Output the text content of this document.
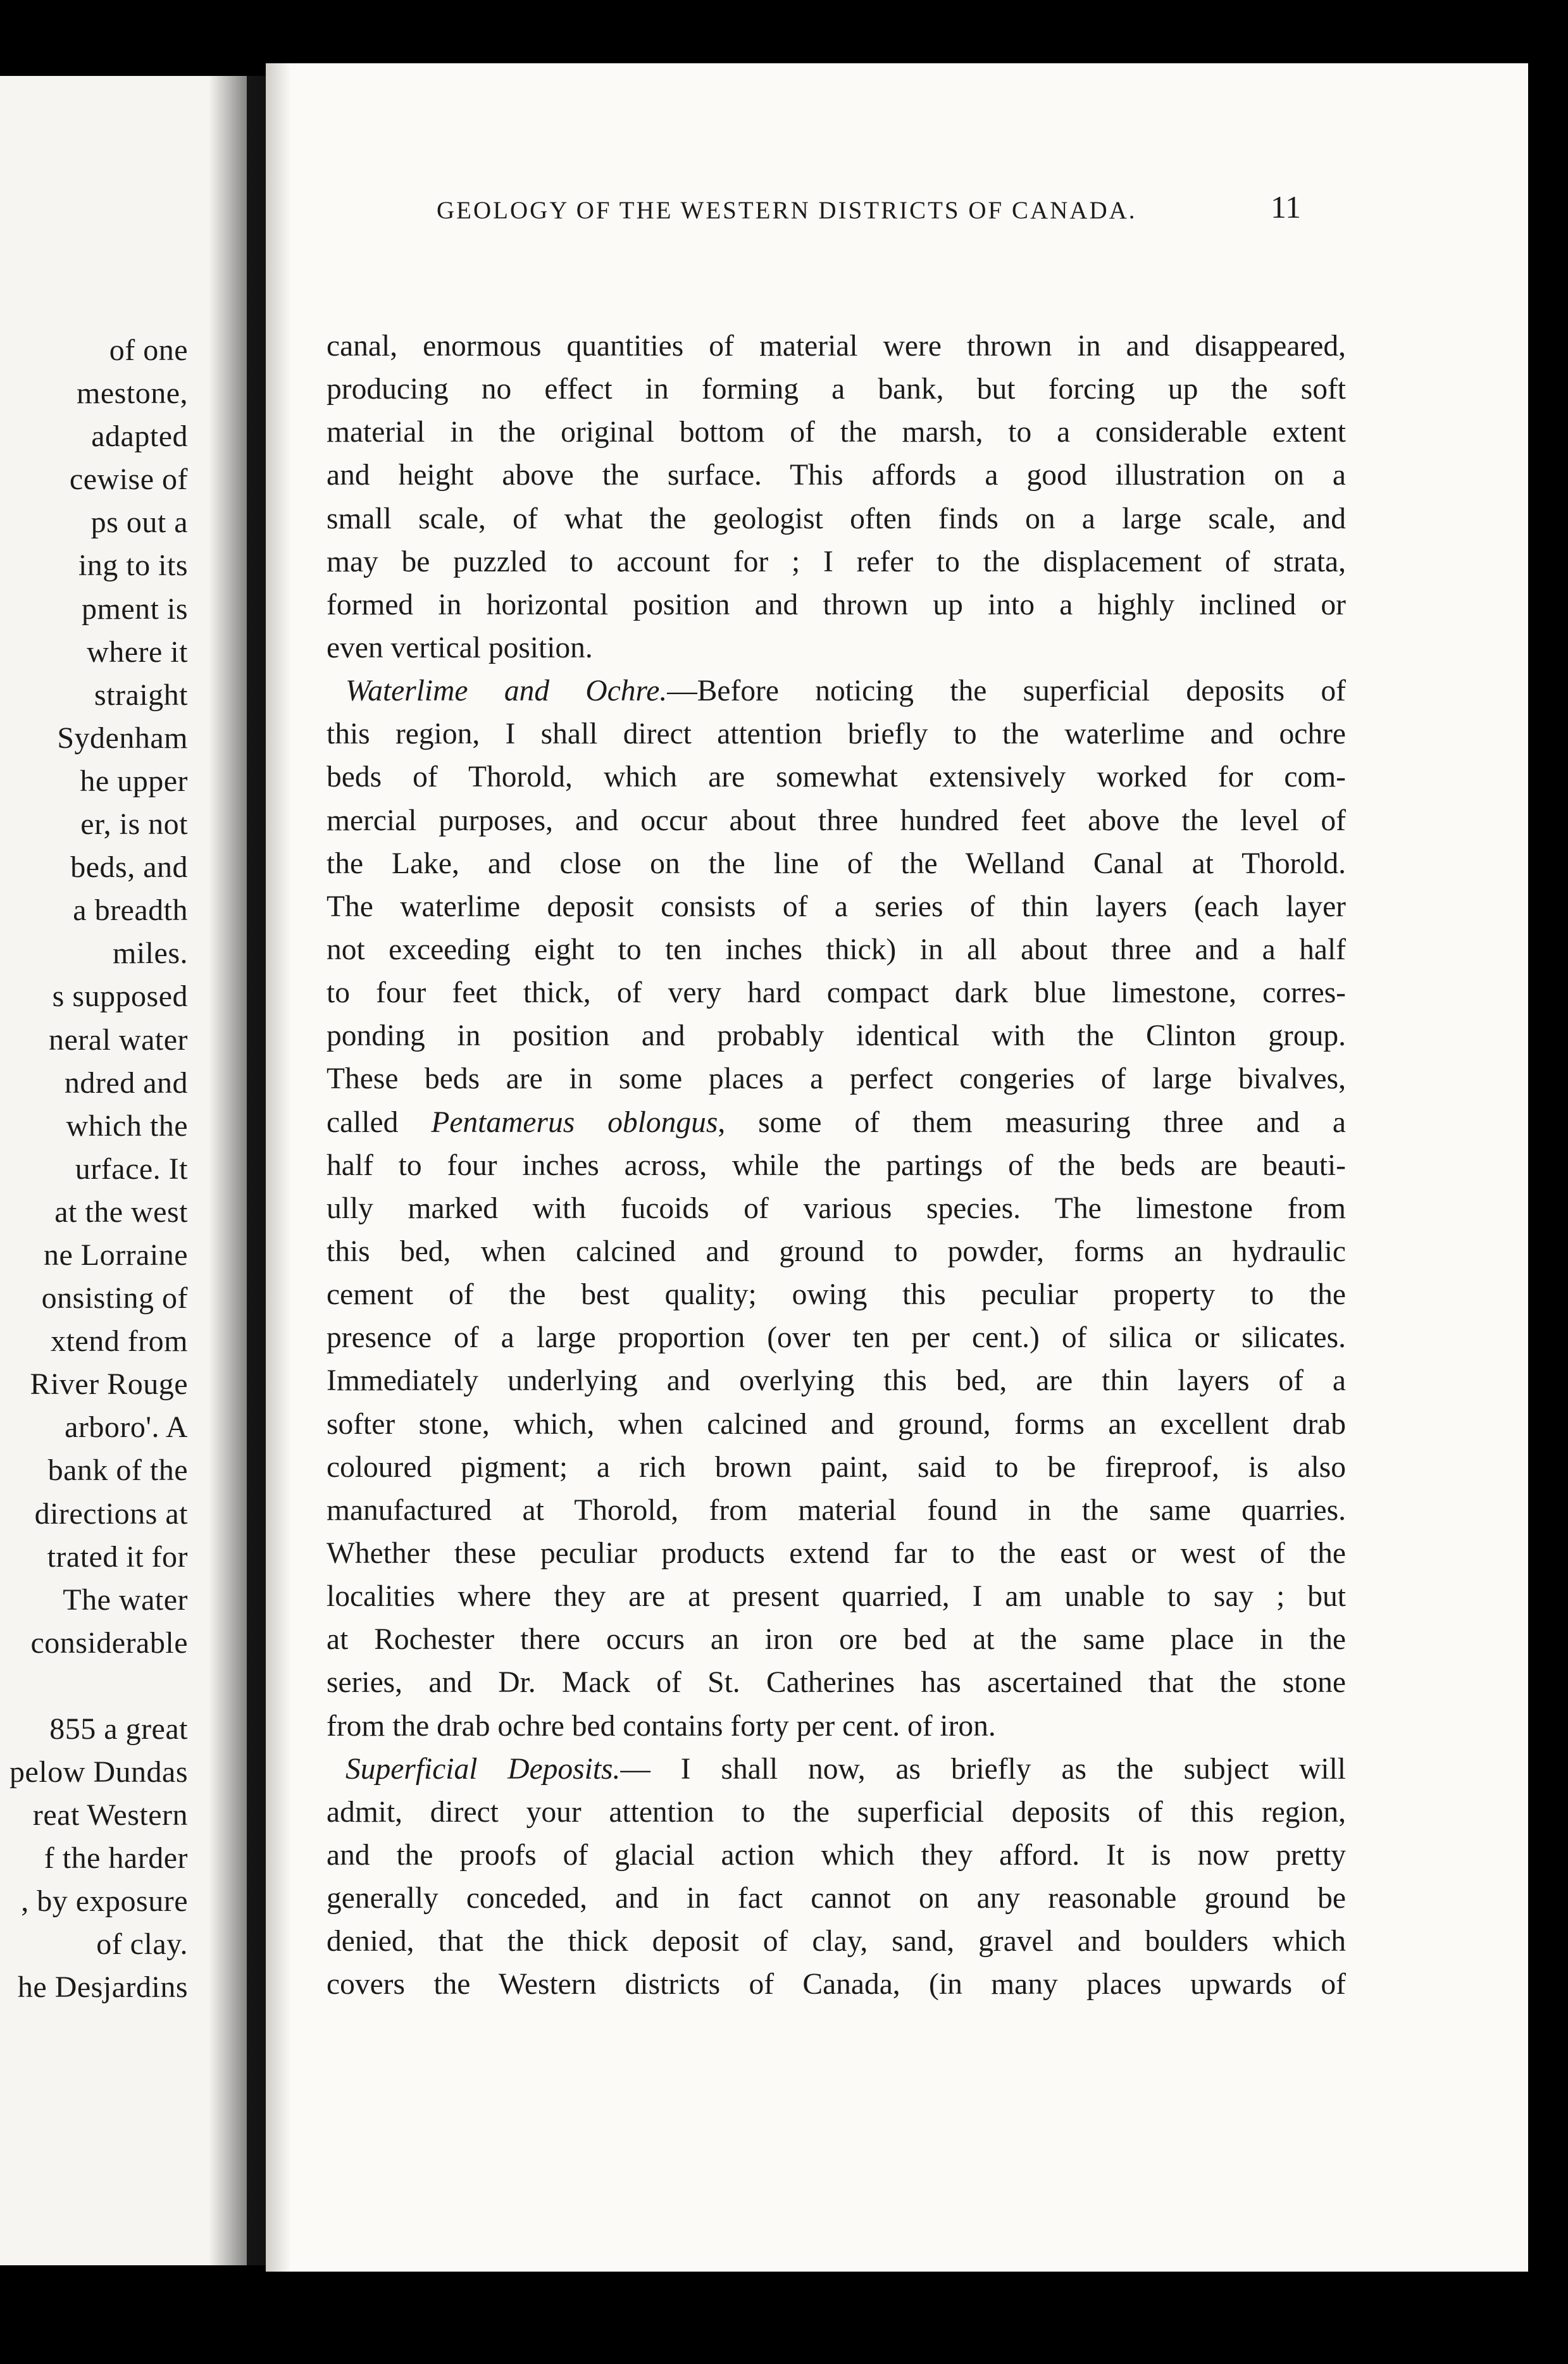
of one
mestone,
adapted
cewise of
ps out a
ing to its
pment is
where it
straight
Sydenham
he upper
er, is not
beds, and
a breadth
miles.
s supposed
neral water
ndred and
which the
urface. It
at the west
ne Lorraine
onsisting of
xtend from
River Rouge
arboro'. A
bank of the
directions at
trated it for
The water
considerable
855 a great
pelow Dundas
reat Western
f the harder
, by exposure
of clay.
he Desjardins
GEOLOGY OF THE WESTERN DISTRICTS OF CANADA.	11
canal, enormous quantities of material were thrown in and disappeared,
producing no effect in forming a bank, but forcing up the soft
material in the original bottom of the marsh, to a considerable extent
and height above the surface. This affords a good illustration on a
small scale, of what the geologist often finds on a large scale, and
may be puzzled to account for ; I refer to the displacement of strata,
formed in horizontal position and thrown up into a highly inclined or
even vertical position.
Waterlime and Ochre.—Before noticing the superficial deposits of
this region, I shall direct attention briefly to the waterlime and ochre
beds of Thorold, which are somewhat extensively worked for com-
mercial purposes, and occur about three hundred feet above the level of
the Lake, and close on the line of the Welland Canal at Thorold.
The waterlime deposit consists of a series of thin layers (each layer
not exceeding eight to ten inches thick) in all about three and a half
to four feet thick, of very hard compact dark blue limestone, corres-
ponding in position and probably identical with the Clinton group.
These beds are in some places a perfect congeries of large bivalves,
called Pentamerus oblongus, some of them measuring three and a
half to four inches across, while the partings of the beds are beauti-
ully marked with fucoids of various species. The limestone from
this bed, when calcined and ground to powder, forms an hydraulic
cement of the best quality; owing this peculiar property to the
presence of a large proportion (over ten per cent.) of silica or silicates.
Immediately underlying and overlying this bed, are thin layers of a
softer stone, which, when calcined and ground, forms an excellent drab
coloured pigment; a rich brown paint, said to be fireproof, is also
manufactured at Thorold, from material found in the same quarries.
Whether these peculiar products extend far to the east or west of the
localities where they are at present quarried, I am unable to say ; but
at Rochester there occurs an iron ore bed at the same place in the
series, and Dr. Mack of St. Catherines has ascertained that the stone
from the drab ochre bed contains forty per cent. of iron.
Superficial Deposits.— I shall now, as briefly as the subject will
admit, direct your attention to the superficial deposits of this region,
and the proofs of glacial action which they afford. It is now pretty
generally conceded, and in fact cannot on any reasonable ground be
denied, that the thick deposit of clay, sand, gravel and boulders which
covers the Western districts of Canada, (in many places upwards of
